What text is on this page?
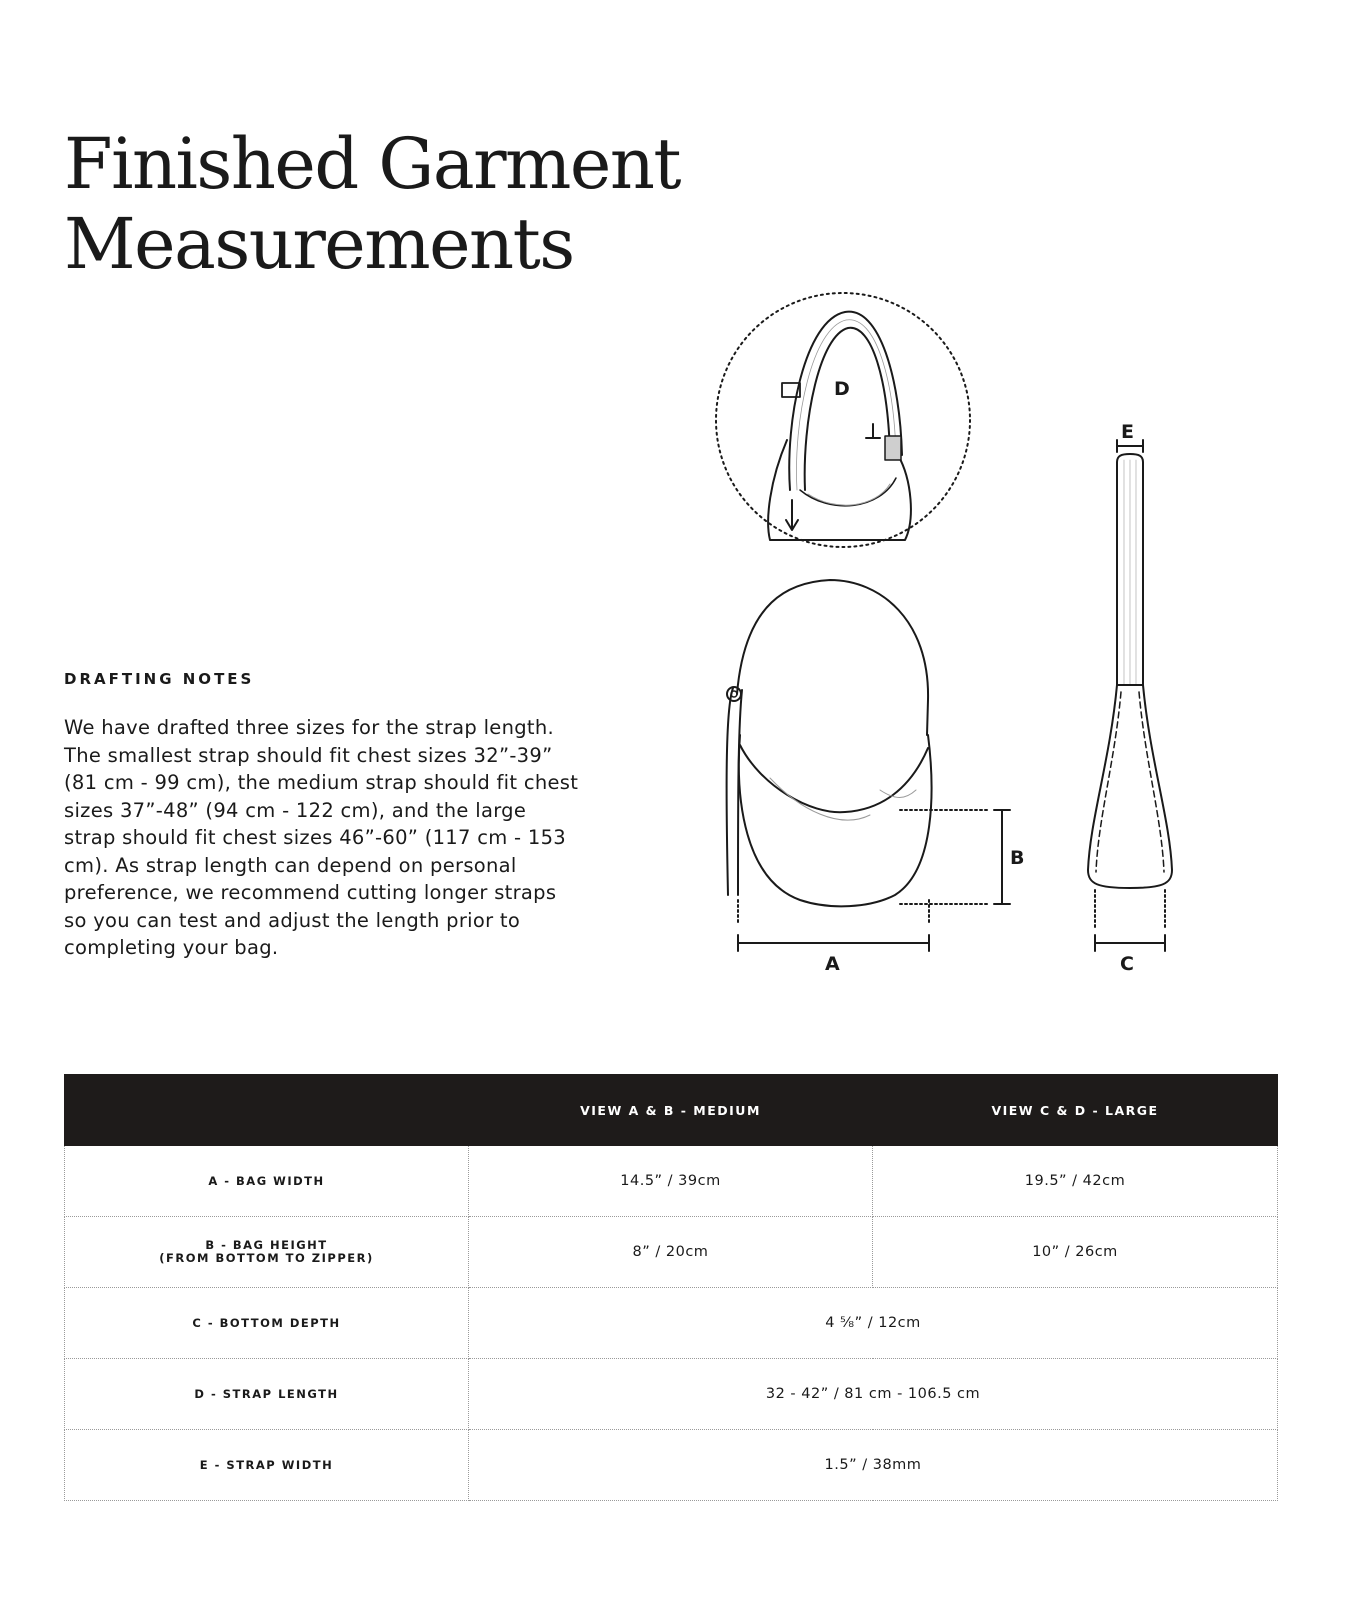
Finished Garment
Measurements
DRAFTING NOTES

We have drafted three sizes for the strap length. The smallest strap should fit chest sizes 32”-39” (81 cm - 99 cm), the medium strap should fit chest sizes 37”-48” (94 cm - 122 cm), and the large strap should fit chest sizes 46”-60” (117 cm - 153 cm). As strap length can depend on personal preference, we recommend cutting longer straps so you can test and adjust the length prior to completing your bag.

D
B
A
E
C
	VIEW A & B - MEDIUM	VIEW C & D - LARGE
A - BAG WIDTH	14.5” / 39cm	19.5” / 42cm

B - BAG HEIGHT
(FROM BOTTOM TO ZIPPER)	8” / 20cm	10” / 26cm
C - BOTTOM DEPTH	4 ⅝” / 12cm	
D - STRAP LENGTH	32 - 42” / 81 cm - 106.5 cm	
E - STRAP WIDTH	1.5” / 38mm	
